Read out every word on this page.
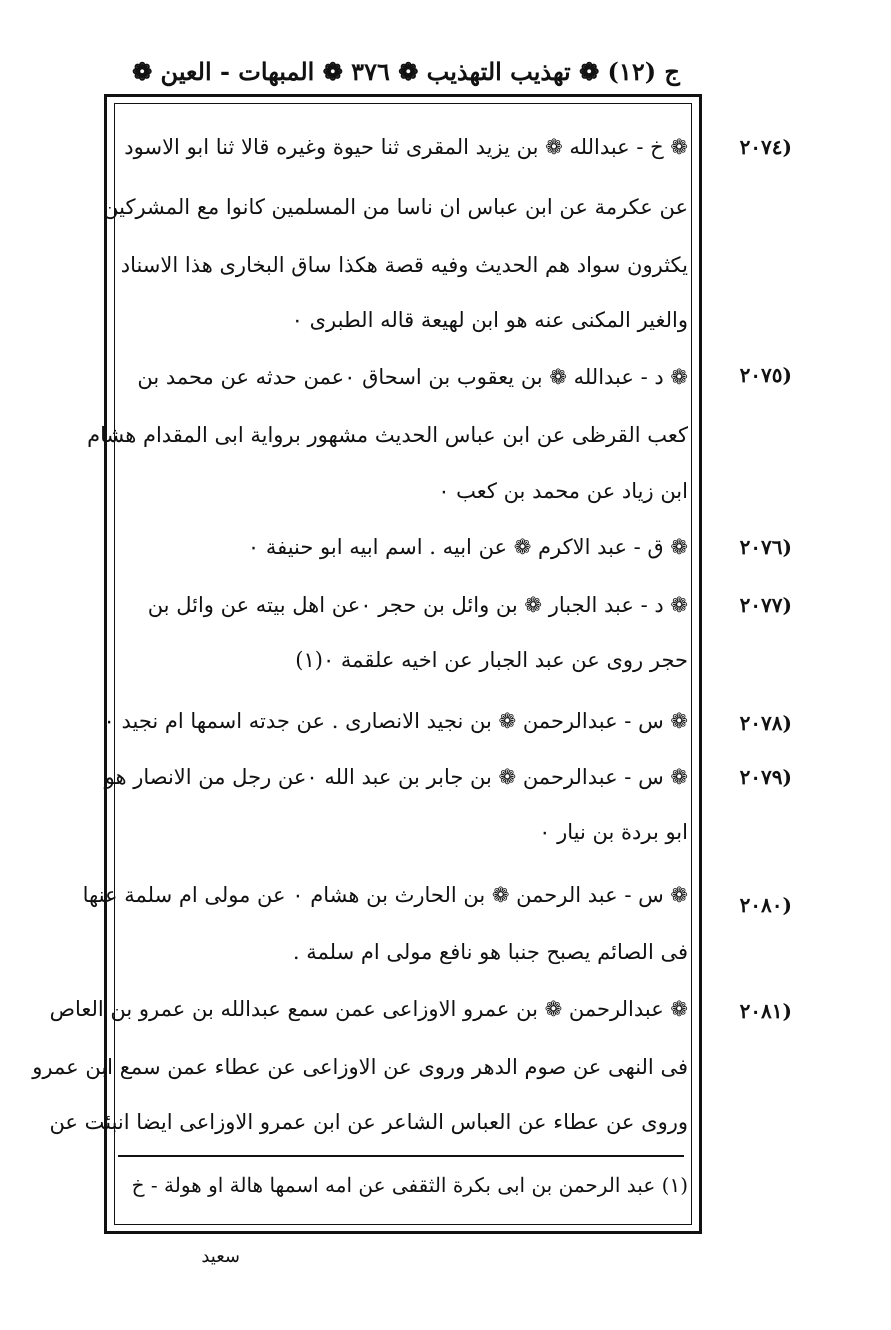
ج (١٢) ❁ تهذيب التهذيب ❁ ٣٧٦ ❁ المبهات - العين ❁
(٢٠٧٤
❁ خ - عبدالله ❁ بن يزيد المقرى ثنا حيوة وغيره قالا ثنا ابو الاسود
عن عكرمة عن ابن عباس ان ناسا من المسلمين كانوا مع المشركين
يكثرون سواد هم الحديث وفيه قصة هكذا ساق البخارى هذا الاسناد
والغير المكنى عنه هو ابن لهيعة قاله الطبرى ٠
(٢٠٧٥
❁ د - عبدالله ❁ بن يعقوب بن اسحاق ٠عمن حدثه عن محمد بن
كعب القرظى عن ابن عباس الحديث مشهور برواية ابى المقدام هشام
ابن زياد عن محمد بن كعب ٠
(٢٠٧٦
❁ ق - عبد الاكرم ❁ عن ابيه . اسم ابيه ابو حنيفة ٠
(٢٠٧٧
❁ د - عبد الجبار ❁ بن وائل بن حجر ٠عن اهل بيته عن وائل بن
حجر روى عن عبد الجبار عن اخيه علقمة ٠(١)
(٢٠٧٨
❁ س - عبدالرحمن ❁ بن نجيد الانصارى . عن جدته اسمها ام نجيد ٠
(٢٠٧٩
❁ س - عبدالرحمن ❁ بن جابر بن عبد الله ٠عن رجل من الانصار هو
ابو بردة بن نيار ٠
(٢٠٨٠
❁ س - عبد الرحمن ❁ بن الحارث بن هشام ٠ عن مولى ام سلمة عنها
فى الصائم يصبح جنبا هو نافع مولى ام سلمة .
(٢٠٨١
❁ عبدالرحمن ❁ بن عمرو الاوزاعى عمن سمع عبدالله بن عمرو بن العاص
فى النهى عن صوم الدهر وروى عن الاوزاعى عن عطاء عمن سمع ابن عمرو
وروى عن عطاء عن العباس الشاعر عن ابن عمرو الاوزاعى ايضا انبئت عن
(١) عبد الرحمن بن ابى بكرة الثقفى عن امه اسمها هالة او هولة - خ
سعيد
